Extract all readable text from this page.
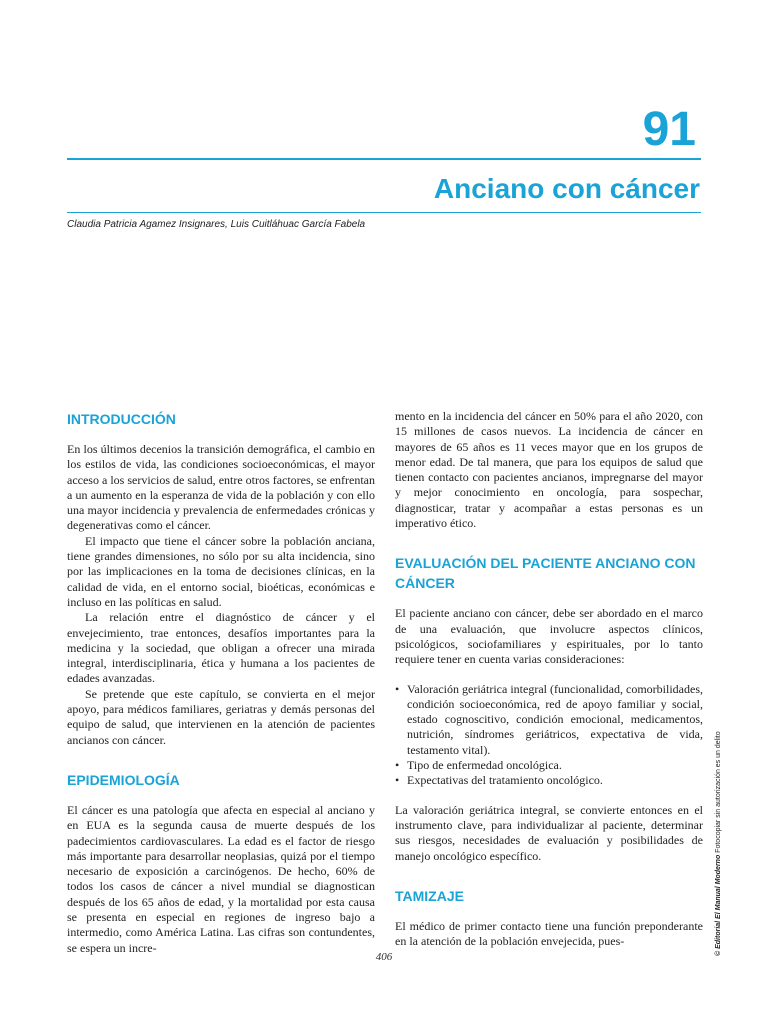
91
Anciano con cáncer
Claudia Patricia Agamez Insignares, Luis Cuitláhuac García Fabela
INTRODUCCIÓN

En los últimos decenios la transición demográfica, el cambio en los estilos de vida, las condiciones socioeconómicas, el mayor acceso a los servicios de salud, entre otros factores, se enfrentan a un aumento en la esperanza de vida de la población y con ello una mayor incidencia y prevalencia de enfermedades crónicas y degenerativas como el cáncer.

El impacto que tiene el cáncer sobre la población anciana, tiene grandes dimensiones, no sólo por su alta incidencia, sino por las implicaciones en la toma de decisiones clínicas, en la calidad de vida, en el entorno social, bioéticas, económicas e incluso en las políticas en salud.

La relación entre el diagnóstico de cáncer y el envejecimiento, trae entonces, desafíos importantes para la medicina y la sociedad, que obligan a ofrecer una mirada integral, interdisciplinaria, ética y humana a los pacientes de edades avanzadas.

Se pretende que este capítulo, se convierta en el mejor apoyo, para médicos familiares, geriatras y demás personas del equipo de salud, que intervienen en la atención de pacientes ancianos con cáncer.

EPIDEMIOLOGÍA

El cáncer es una patología que afecta en especial al anciano y en EUA es la segunda causa de muerte después de los padecimientos cardiovasculares. La edad es el factor de riesgo más importante para desarrollar neoplasias, quizá por el tiempo necesario de exposición a carcinógenos. De hecho, 60% de todos los casos de cáncer a nivel mundial se diagnostican después de los 65 años de edad, y la mortalidad por esta causa se presenta en especial en regiones de ingreso bajo a intermedio, como América Latina. Las cifras son contundentes, se espera un incre-

mento en la incidencia del cáncer en 50% para el año 2020, con 15 millones de casos nuevos. La incidencia de cáncer en mayores de 65 años es 11 veces mayor que en los grupos de menor edad. De tal manera, que para los equipos de salud que tienen contacto con pacientes ancianos, impregnarse del mayor y mejor conocimiento en oncología, para sospechar, diagnosticar, tratar y acompañar a estas personas es un imperativo ético.

EVALUACIÓN DEL PACIENTE ANCIANO CON CÁNCER

El paciente anciano con cáncer, debe ser abordado en el marco de una evaluación, que involucre aspectos clínicos, psicológicos, sociofamiliares y espirituales, por lo tanto requiere tener en cuenta varias consideraciones:

• Valoración geriátrica integral (funcionalidad, comorbilidades, condición socioeconómica, red de apoyo familiar y social, estado cognoscitivo, condición emocional, medicamentos, nutrición, síndromes geriátricos, expectativa de vida, testamento vital).
• Tipo de enfermedad oncológica.
• Expectativas del tratamiento oncológico.

La valoración geriátrica integral, se convierte entonces en el instrumento clave, para individualizar al paciente, determinar sus riesgos, necesidades de evaluación y posibilidades de manejo oncológico específico.

TAMIZAJE

El médico de primer contacto tiene una función preponderante en la atención de la población envejecida, pues-

406
© Editorial El Manual Moderno Fotocopiar sin autorización es un delito
